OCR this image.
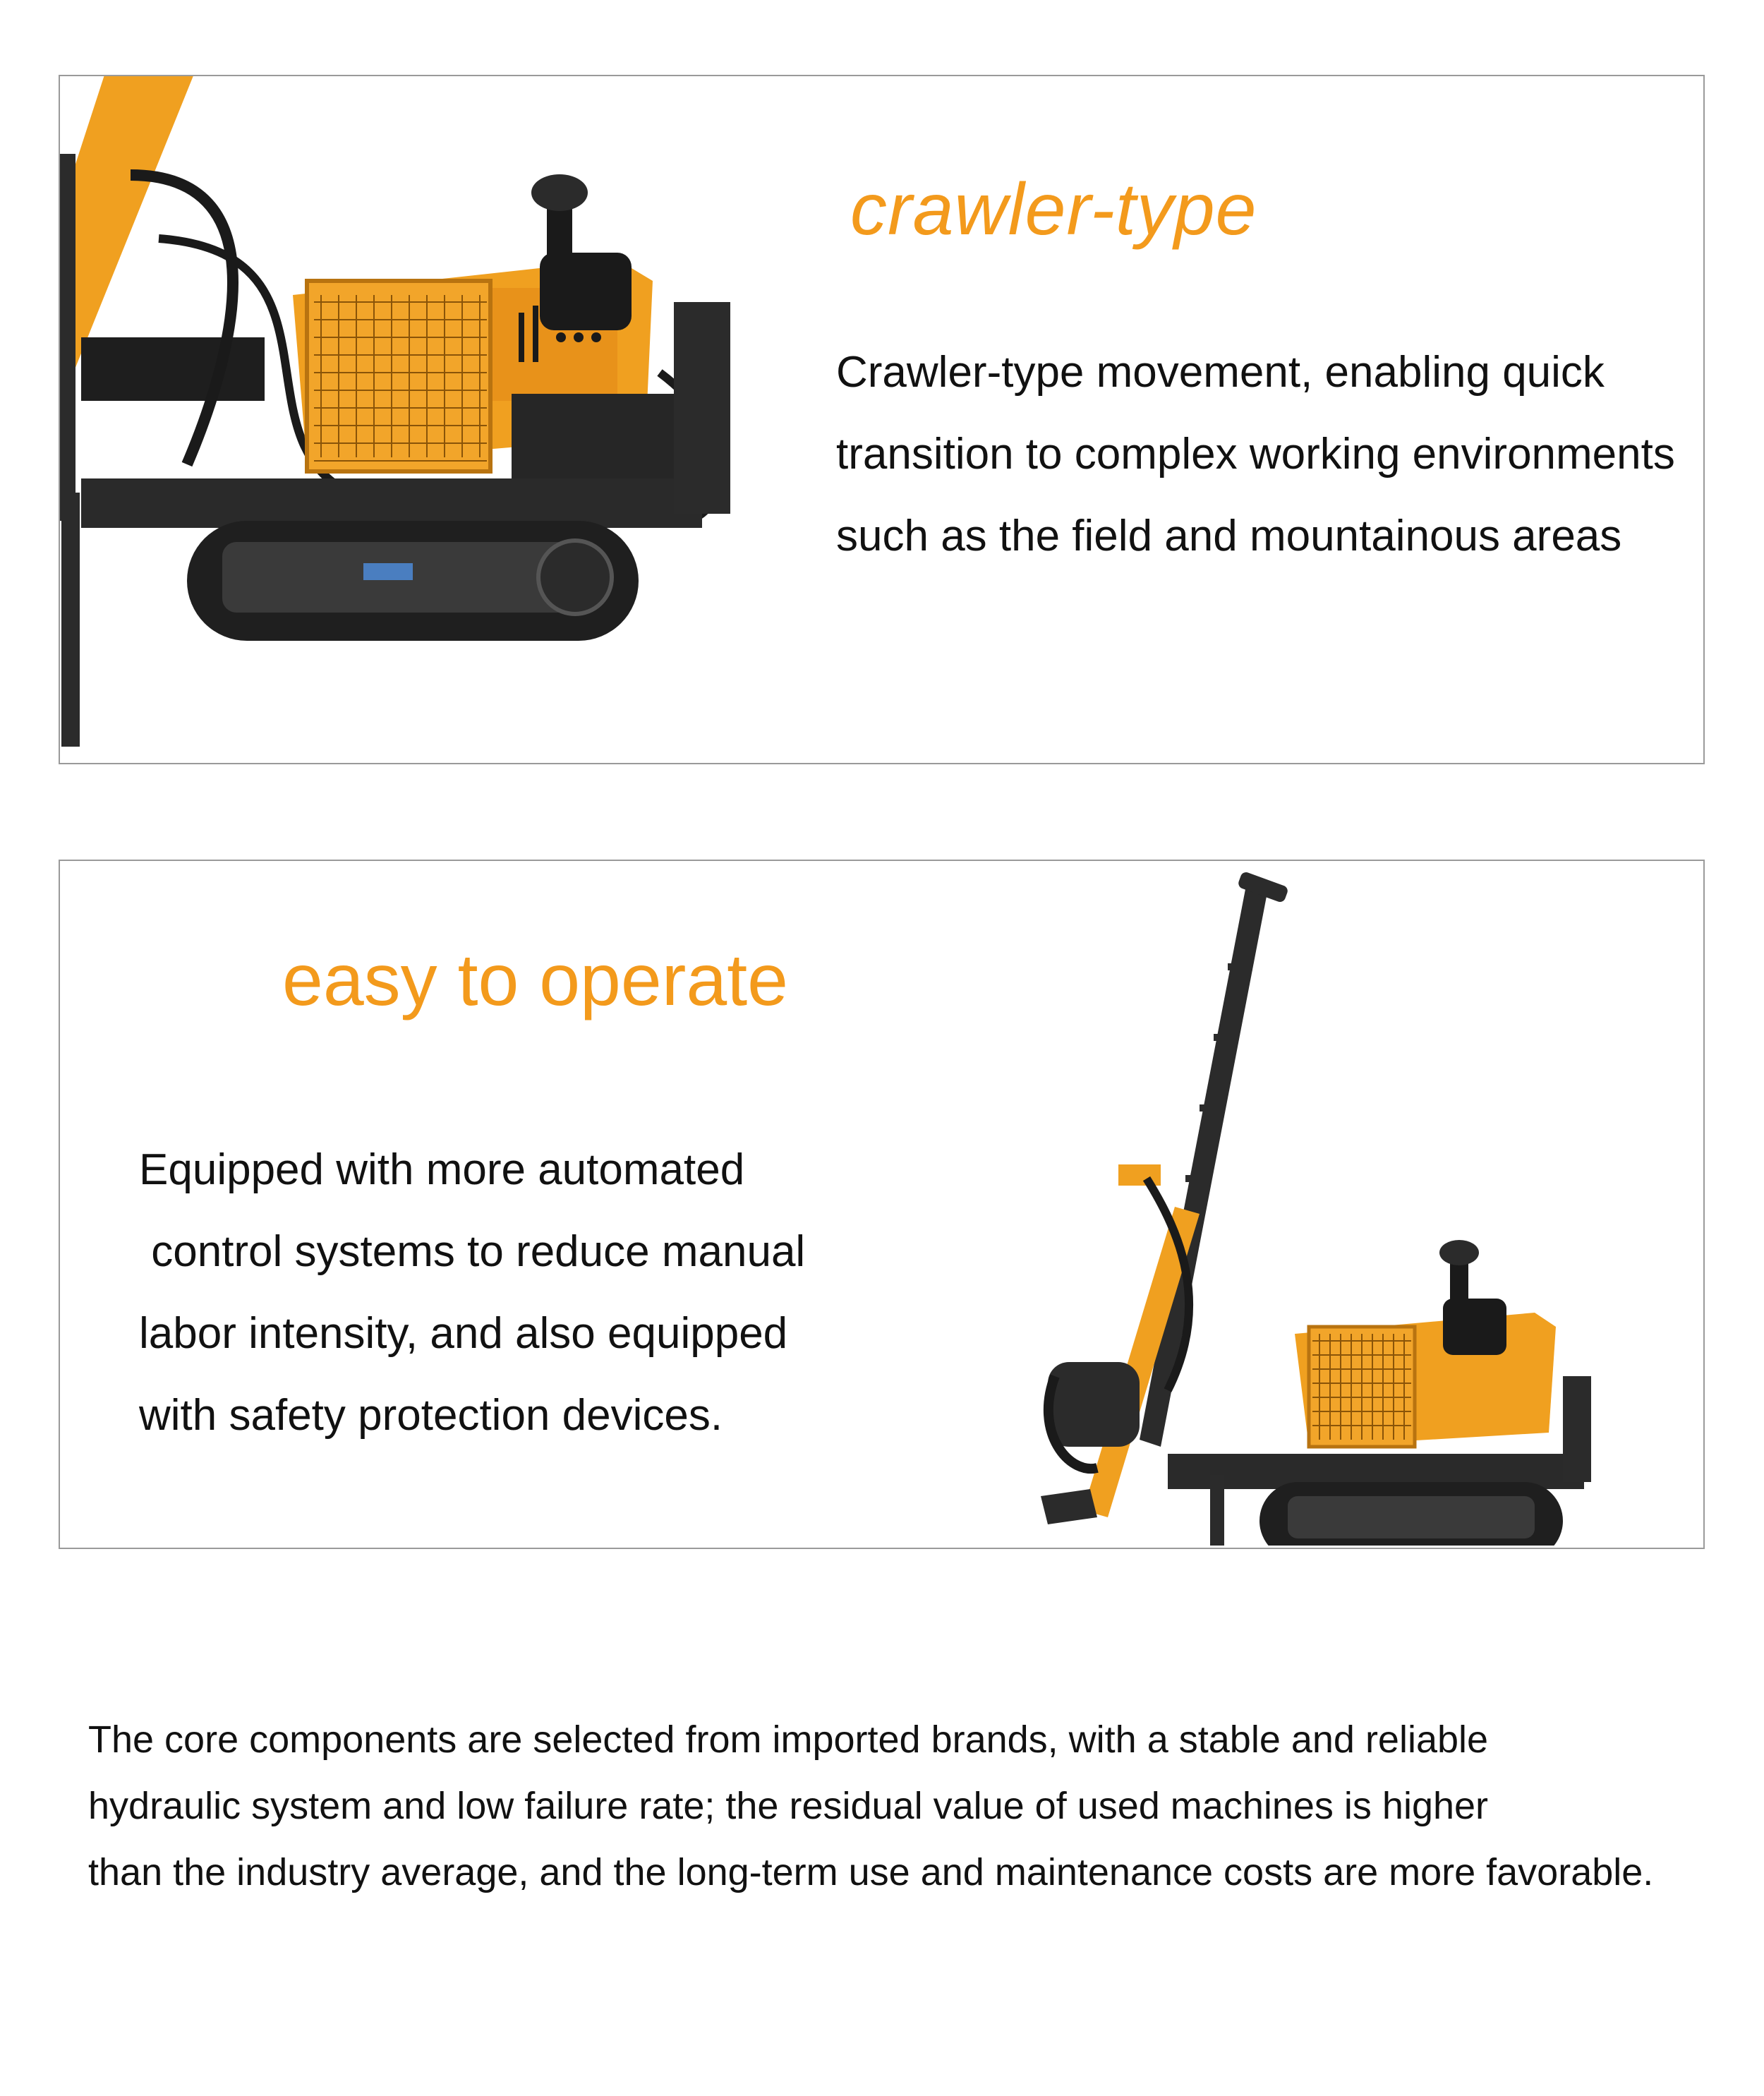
crawler-type

Crawler-type movement, enabling quick transition to complex working environments such as the field and mountainous areas

easy to operate

Equipped with more automated
control systems to reduce manual
labor intensity, and also equipped
with safety protection devices.

The core components are selected from imported brands, with a stable and reliable
hydraulic system and low failure rate; the residual value of used machines is higher
than the industry average, and the long-term use and maintenance costs are more favorable.
